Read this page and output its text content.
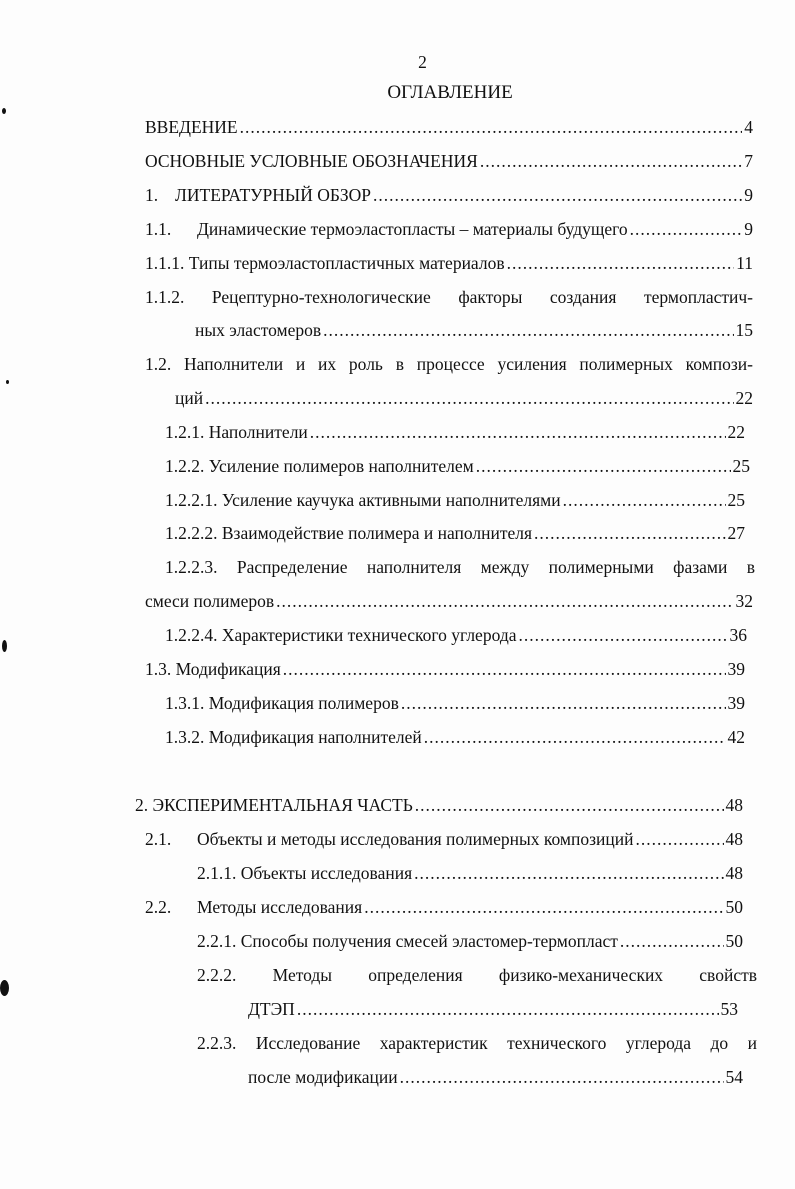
2
ОГЛАВЛЕНИЕ
ВВЕДЕНИЕ .....	4
ОСНОВНЫЕ УСЛОВНЫЕ ОБОЗНАЧЕНИЯ .....	7
1. ЛИТЕРАТУРНЫЙ ОБЗОР .....	9
1.1. Динамические термоэластопласты – материалы будущего .....	9
1.1.1. Типы термоэластопластичных материалов .....	11
1.1.2. Рецептурно-технологические факторы создания термопластич-
ных эластомеров .....	15
1.2. Наполнители и их роль в процессе усиления полимерных компози-
ций .....	22
1.2.1. Наполнители .....	22
1.2.2. Усиление полимеров наполнителем .....	25
1.2.2.1. Усиление каучука активными наполнителями .....	25
1.2.2.2. Взаимодействие полимера и наполнителя .....	27
1.2.2.3. Распределение наполнителя между полимерными фазами в
смеси полимеров .....	32
1.2.2.4. Характеристики технического углерода .....	36
1.3. Модификация .....	39
1.3.1. Модификация полимеров .....	39
1.3.2. Модификация наполнителей .....	42
2. ЭКСПЕРИМЕНТАЛЬНАЯ ЧАСТЬ .....	48
2.1. Объекты и методы исследования полимерных композиций .....	48
2.1.1. Объекты исследования .....	48
2.2. Методы исследования .....	50
2.2.1. Способы получения смесей эластомер-термопласт .....	50
2.2.2. Методы определения физико-механических свойств
ДТЭП .....	53
2.2.3. Исследование характеристик технического углерода до и
после модификации .....	54
